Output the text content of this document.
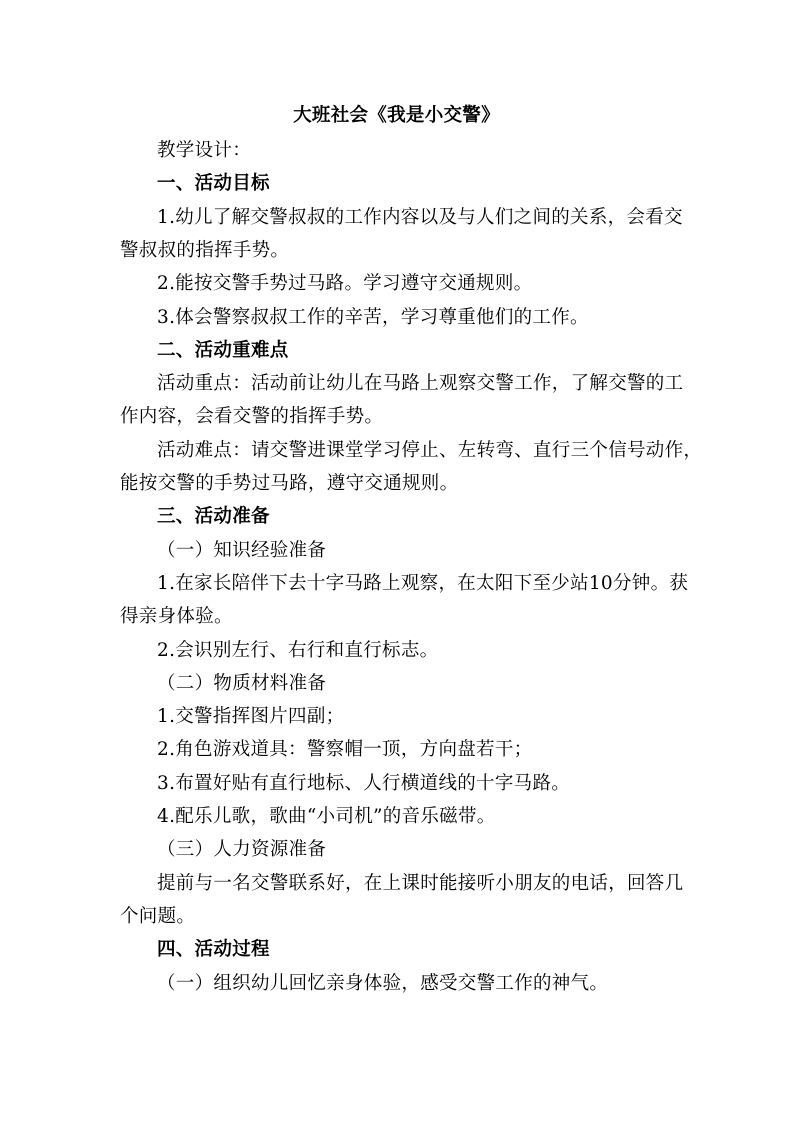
大班社会《我是小交警》
教学设计：
一、活动目标
1.幼儿了解交警叔叔的工作内容以及与人们之间的关系，会看交
警叔叔的指挥手势。
2.能按交警手势过马路。学习遵守交通规则。
3.体会警察叔叔工作的辛苦，学习尊重他们的工作。
二、活动重难点
活动重点：活动前让幼儿在马路上观察交警工作，了解交警的工
作内容，会看交警的指挥手势。
活动难点：请交警进课堂学习停止、左转弯、直行三个信号动作，
能按交警的手势过马路，遵守交通规则。
三、活动准备
（一）知识经验准备
1.在家长陪伴下去十字马路上观察，在太阳下至少站10分钟。获
得亲身体验。
2.会识别左行、右行和直行标志。
（二）物质材料准备
1.交警指挥图片四副；
2.角色游戏道具：警察帽一顶，方向盘若干；
3.布置好贴有直行地标、人行横道线的十字马路。
4.配乐儿歌，歌曲“小司机”的音乐磁带。
（三）人力资源准备
提前与一名交警联系好，在上课时能接听小朋友的电话，回答几
个问题。
四、活动过程
（一）组织幼儿回忆亲身体验，感受交警工作的神气。
